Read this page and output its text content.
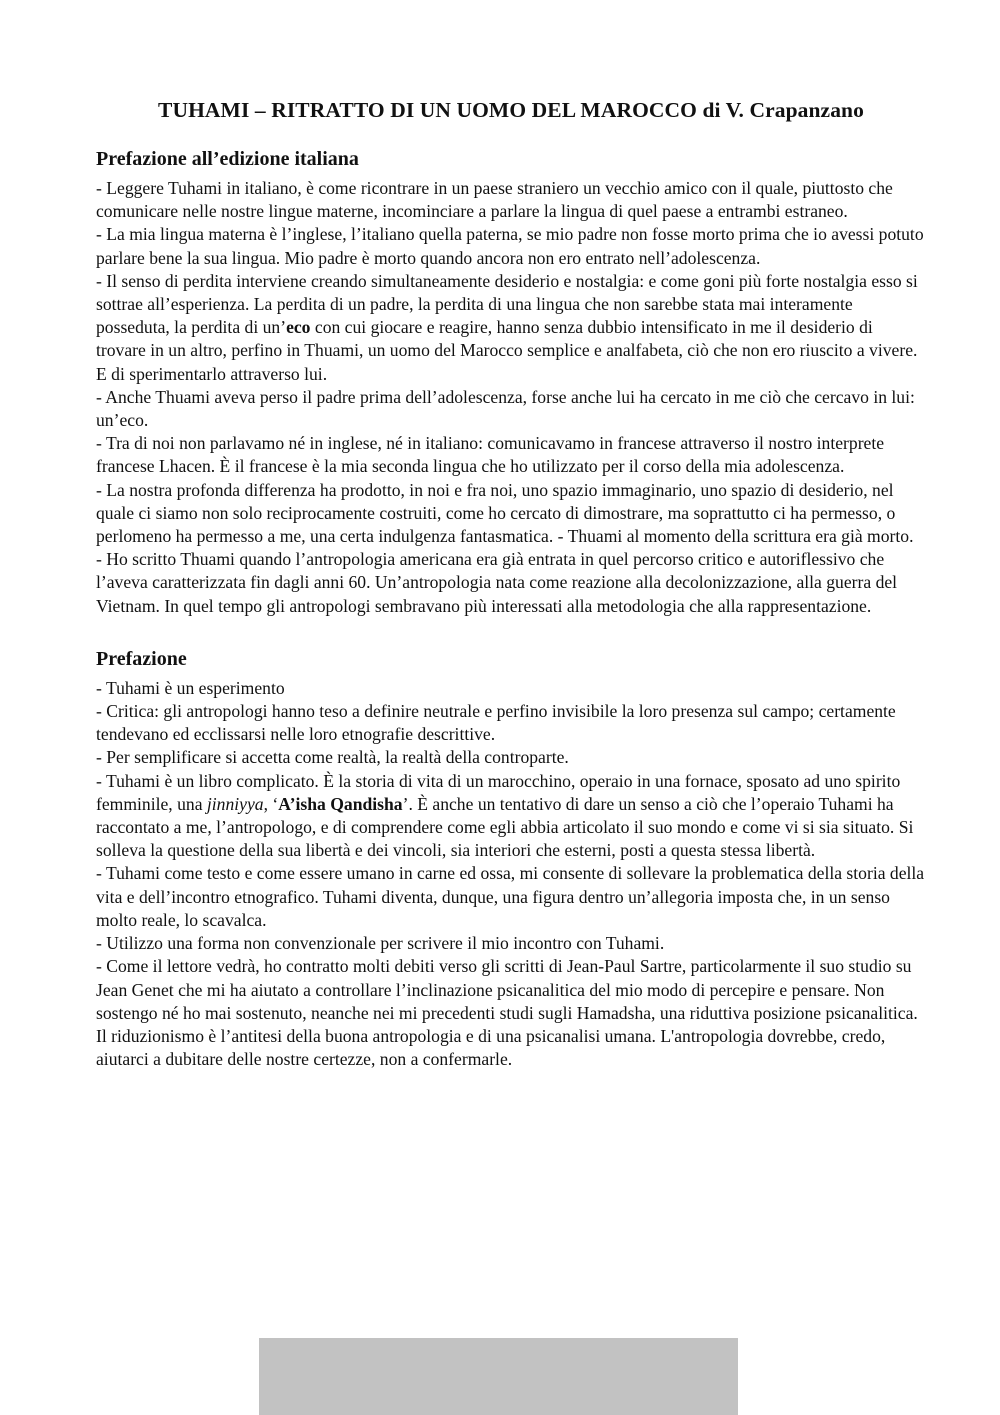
TUHAMI – RITRATTO DI UN UOMO DEL MAROCCO di V. Crapanzano
Prefazione all’edizione italiana

- Leggere Tuhami in italiano, è come ricontrare in un paese straniero un vecchio amico con il quale, piuttosto che comunicare nelle nostre lingue materne, incominciare a parlare la lingua di quel paese a entrambi estraneo.

- La mia lingua materna è l’inglese, l’italiano quella paterna, se mio padre non fosse morto prima che io avessi potuto parlare bene la sua lingua. Mio padre è morto quando ancora non ero entrato nell’adolescenza.

- Il senso di perdita interviene creando simultaneamente desiderio e nostalgia: e come goni più forte nostalgia esso si sottrae all’esperienza. La perdita di un padre, la perdita di una lingua che non sarebbe stata mai interamente posseduta, la perdita di un’eco con cui giocare e reagire, hanno senza dubbio intensificato in me il desiderio di trovare in un altro, perfino in Thuami, un uomo del Marocco semplice e analfabeta, ciò che non ero riuscito a vivere. E di sperimentarlo attraverso lui.

- Anche Thuami aveva perso il padre prima dell’adolescenza, forse anche lui ha cercato in me ciò che cercavo in lui: un’eco.

- Tra di noi non parlavamo né in inglese, né in italiano: comunicavamo in francese attraverso il nostro interprete francese Lhacen. È il francese è la mia seconda lingua che ho utilizzato per il corso della mia adolescenza.

- La nostra profonda differenza ha prodotto, in noi e fra noi, uno spazio immaginario, uno spazio di desiderio, nel quale ci siamo non solo reciprocamente costruiti, come ho cercato di dimostrare, ma soprattutto ci ha permesso, o perlomeno ha permesso a me, una certa indulgenza fantasmatica. - Thuami al momento della scrittura era già morto.

- Ho scritto Thuami quando l’antropologia americana era già entrata in quel percorso critico e autoriflessivo che l’aveva caratterizzata fin dagli anni 60. Un’antropologia nata come reazione alla decolonizzazione, alla guerra del Vietnam. In quel tempo gli antropologi sembravano più interessati alla metodologia che alla rappresentazione.

Prefazione

- Tuhami è un esperimento

- Critica: gli antropologi hanno teso a definire neutrale e perfino invisibile la loro presenza sul campo; certamente tendevano ed ecclissarsi nelle loro etnografie descrittive.

- Per semplificare si accetta come realtà, la realtà della controparte.

- Tuhami è un libro complicato. È la storia di vita di un marocchino, operaio in una fornace, sposato ad uno spirito femminile, una jinniyya, ‘A’isha Qandisha’. È anche un tentativo di dare un senso a ciò che l’operaio Tuhami ha raccontato a me, l’antropologo, e di comprendere come egli abbia articolato il suo mondo e come vi si sia situato. Si solleva la questione della sua libertà e dei vincoli, sia interiori che esterni, posti a questa stessa libertà.

- Tuhami come testo e come essere umano in carne ed ossa, mi consente di sollevare la problematica della storia della vita e dell’incontro etnografico. Tuhami diventa, dunque, una figura dentro un’allegoria imposta che, in un senso molto reale, lo scavalca.

- Utilizzo una forma non convenzionale per scrivere il mio incontro con Tuhami.

- Come il lettore vedrà, ho contratto molti debiti verso gli scritti di Jean-Paul Sartre, particolarmente il suo studio su Jean Genet che mi ha aiutato a controllare l’inclinazione psicanalitica del mio modo di percepire e pensare. Non sostengo né ho mai sostenuto, neanche nei mi precedenti studi sugli Hamadsha, una riduttiva posizione psicanalitica. Il riduzionismo è l’antitesi della buona antropologia e di una psicanalisi umana. L'antropologia dovrebbe, credo, aiutarci a dubitare delle nostre certezze, non a confermarle.
